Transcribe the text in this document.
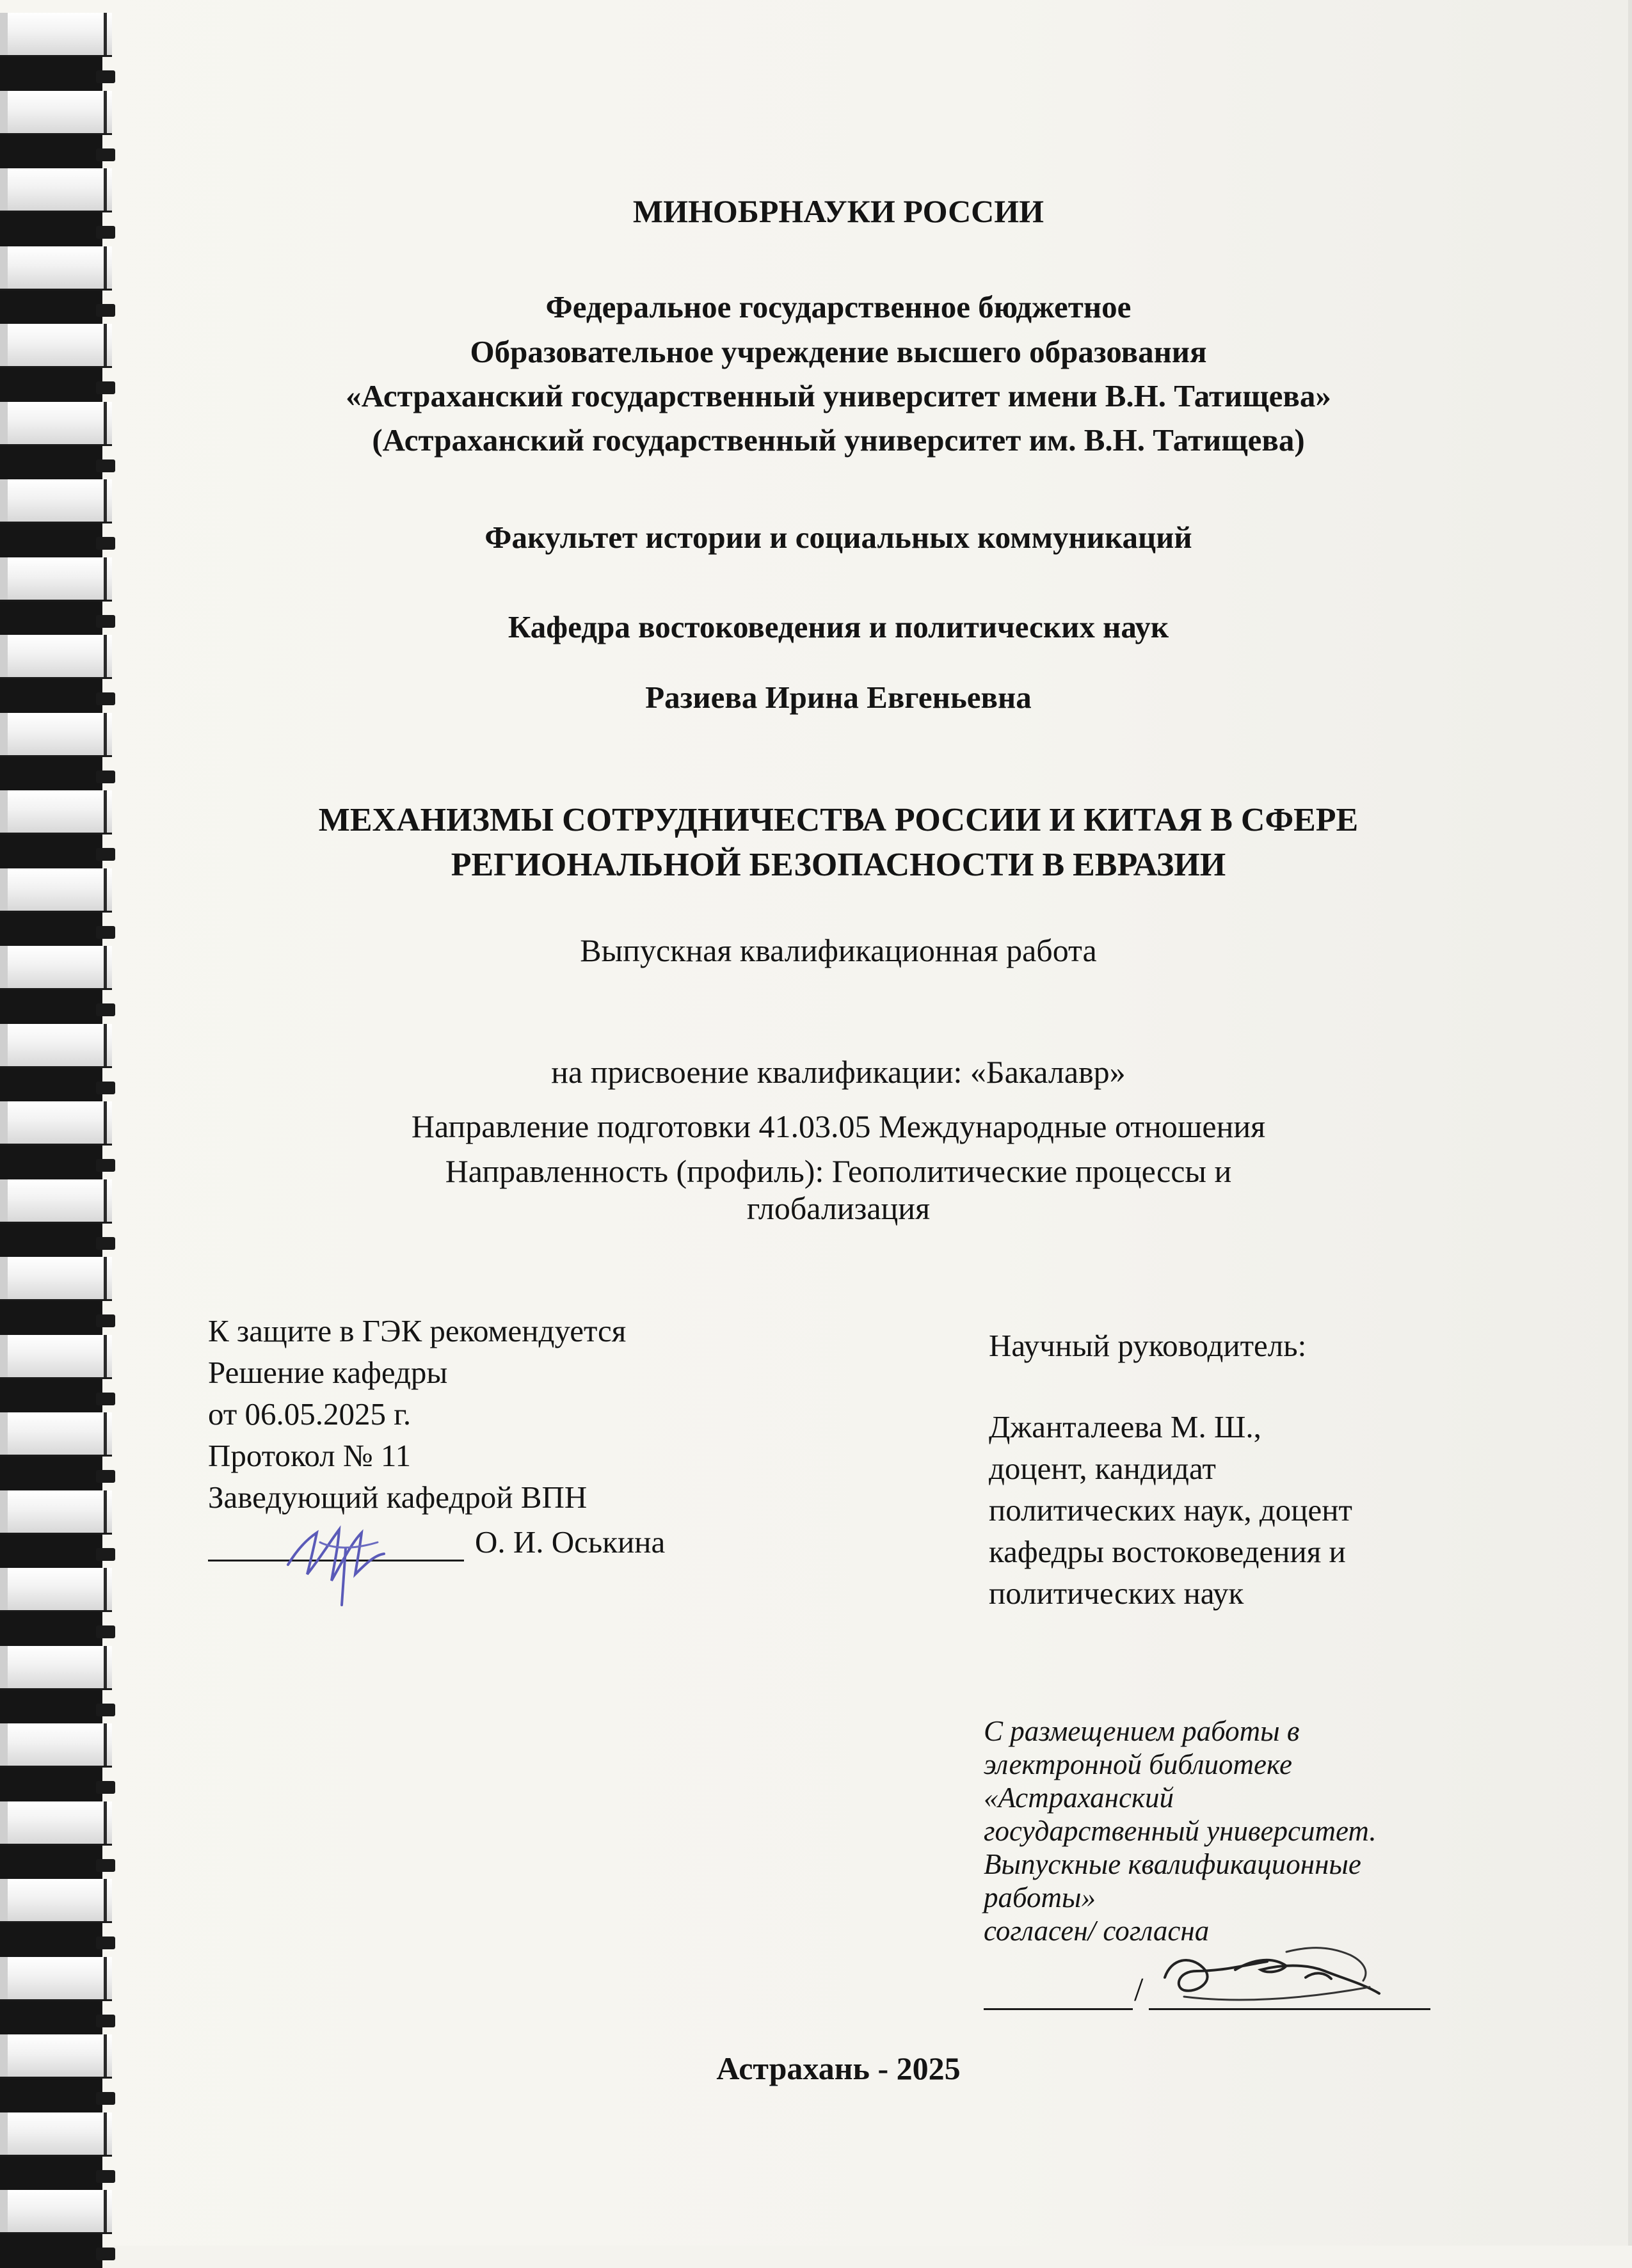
МИНОБРНАУКИ РОССИИ
Федеральное государственное бюджетное
Образовательное учреждение высшего образования
«Астраханский государственный университет имени В.Н. Татищева»
(Астраханский государственный университет им. В.Н. Татищева)
Факультет истории и социальных коммуникаций
Кафедра востоковедения и политических наук
Разиева Ирина Евгеньевна
МЕХАНИЗМЫ СОТРУДНИЧЕСТВА РОССИИ И КИТАЯ В СФЕРЕ
РЕГИОНАЛЬНОЙ БЕЗОПАСНОСТИ В ЕВРАЗИИ
Выпускная квалификационная работа
на присвоение квалификации: «Бакалавр»
Направление подготовки 41.03.05 Международные отношения
Направленность (профиль): Геополитические процессы и
глобализация
К защите в ГЭК рекомендуется
Решение кафедры
от 06.05.2025 г.
Протокол № 11
Заведующий кафедрой ВПН
О. И. Оськина
Научный руководитель:
Джанталеева М. Ш.,
доцент, кандидат
политических наук, доцент
кафедры востоковедения и
политических наук
С размещением работы в
электронной библиотеке
«Астраханский
государственный университет.
Выпускные квалификационные
работы»
согласен/ согласна
/
Астрахань - 2025
